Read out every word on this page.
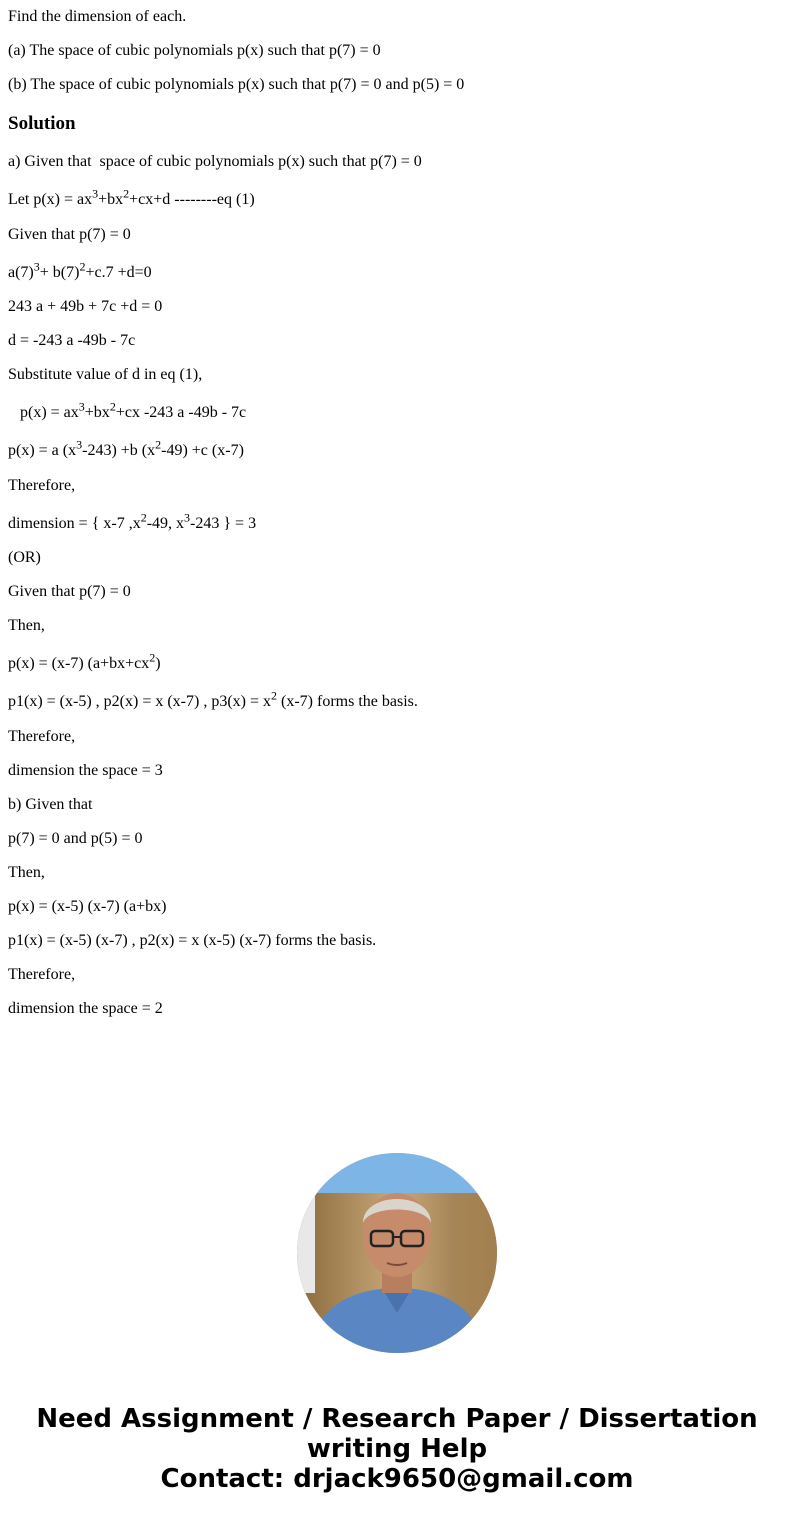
Find the dimension of each.

(a) The space of cubic polynomials p(x) such that p(7) = 0

(b) The space of cubic polynomials p(x) such that p(7) = 0 and p(5) = 0

Solution

a) Given that  space of cubic polynomials p(x) such that p(7) = 0

Let $p(x) = ax^3+bx^2+cx+d$ --------eq (1)

Given that p(7) = 0

$a(7)^3+ b(7)^2+c.7 +d=0$

243 a + 49b + 7c +d = 0

d = -243 a -49b - 7c

Substitute value of d in eq (1),

$p(x) = ax^3+bx^2+cx$ -243 a -49b - 7c

p(x) = a $(x^3-243) +b$ $(x^2-49) +c$ (x-7)

Therefore,

dimension = { x-7 $,x^2-49$, $x^3-243$ } = 3

(OR)

Given that p(7) = 0

Then,

p(x) = (x-7) $(a+bx+cx^2)$

p1(x) = (x-5) , p2(x) = x (x-7) , $p3(x) = x^2$ (x-7) forms the basis.

Therefore,

dimension the space = 3

b) Given that

p(7) = 0 and p(5) = 0

Then,

p(x) = (x-5) (x-7) (a+bx)

p1(x) = (x-5) (x-7) , p2(x) = x (x-5) (x-7) forms the basis.

Therefore,

dimension the space = 2

Need Assignment / Research Paper / Dissertation
writing Help
Contact: drjack9650@gmail.com
